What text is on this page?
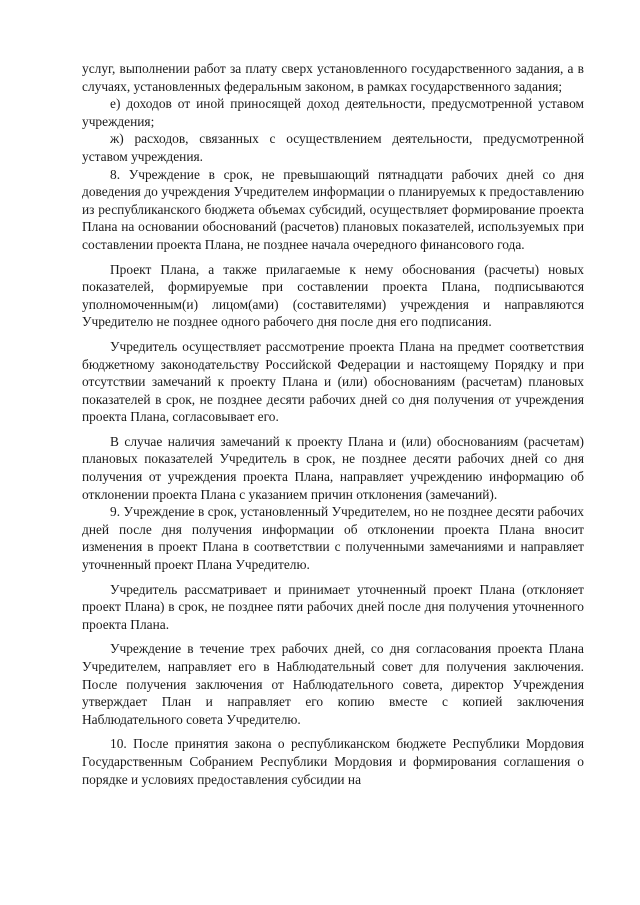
услуг, выполнении работ за плату сверх установленного государственного задания, а в случаях, установленных федеральным законом, в рамках государственного задания;

е) доходов от иной приносящей доход деятельности, предусмотренной уставом учреждения;

ж) расходов, связанных с осуществлением деятельности, предусмотренной уставом учреждения.

8. Учреждение в срок, не превышающий пятнадцати рабочих дней со дня доведения до учреждения Учредителем информации о планируемых к предоставлению из республиканского бюджета объемах субсидий, осуществляет формирование проекта Плана на основании обоснований (расчетов) плановых показателей, используемых при составлении проекта Плана, не позднее начала очередного финансового года.

Проект Плана, а также прилагаемые к нему обоснования (расчеты) новых показателей, формируемые при составлении проекта Плана, подписываются уполномоченным(и) лицом(ами) (составителями) учреждения и направляются Учредителю не позднее одного рабочего дня после дня его подписания.

Учредитель осуществляет рассмотрение проекта Плана на предмет соответствия бюджетному законодательству Российской Федерации и настоящему Порядку и при отсутствии замечаний к проекту Плана и (или) обоснованиям (расчетам) плановых показателей в срок, не позднее десяти рабочих дней со дня получения от учреждения проекта Плана, согласовывает его.

В случае наличия замечаний к проекту Плана и (или) обоснованиям (расчетам) плановых показателей Учредитель в срок, не позднее десяти рабочих дней со дня получения от учреждения проекта Плана, направляет учреждению информацию об отклонении проекта Плана с указанием причин отклонения (замечаний).

9. Учреждение в срок, установленный Учредителем, но не позднее десяти рабочих дней после дня получения информации об отклонении проекта Плана вносит изменения в проект Плана в соответствии с полученными замечаниями и направляет уточненный проект Плана Учредителю.

Учредитель рассматривает и принимает уточненный проект Плана (отклоняет проект Плана) в срок, не позднее пяти рабочих дней после дня получения уточненного проекта Плана.

Учреждение в течение трех рабочих дней, со дня согласования проекта Плана Учредителем, направляет его в Наблюдательный совет для получения заключения. После получения заключения от Наблюдательного совета, директор Учреждения утверждает План и направляет его копию вместе с копией заключения Наблюдательного совета Учредителю.

10. После принятия закона о республиканском бюджете Республики Мордовия Государственным Собранием Республики Мордовия и формирования соглашения о порядке и условиях предоставления субсидии на
